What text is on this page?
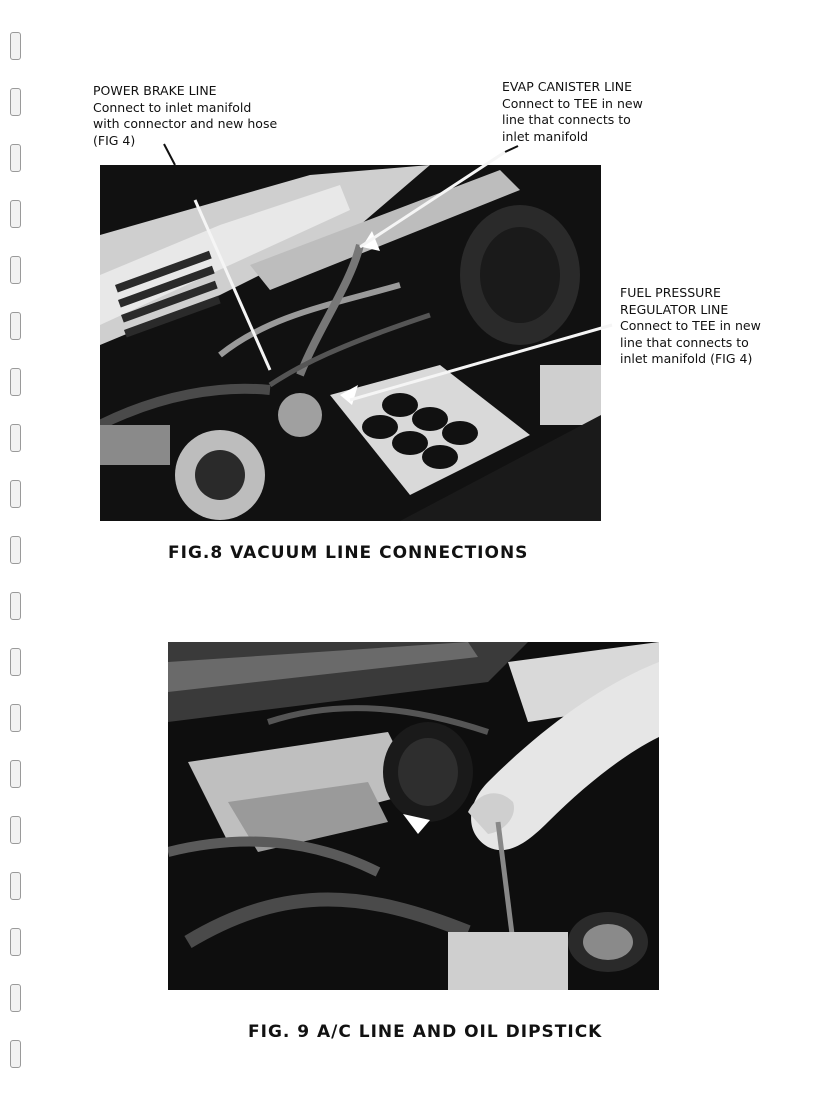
POWER BRAKE LINE
Connect to inlet manifold
with connector and new hose
(FIG 4)
EVAP CANISTER LINE
Connect to TEE in new
line that connects to
inlet manifold
FUEL PRESSURE
REGULATOR LINE
Connect to TEE in new
line that connects to
inlet manifold (FIG 4)
FIG.8 VACUUM LINE CONNECTIONS
FIG. 9 A/C LINE AND OIL DIPSTICK
